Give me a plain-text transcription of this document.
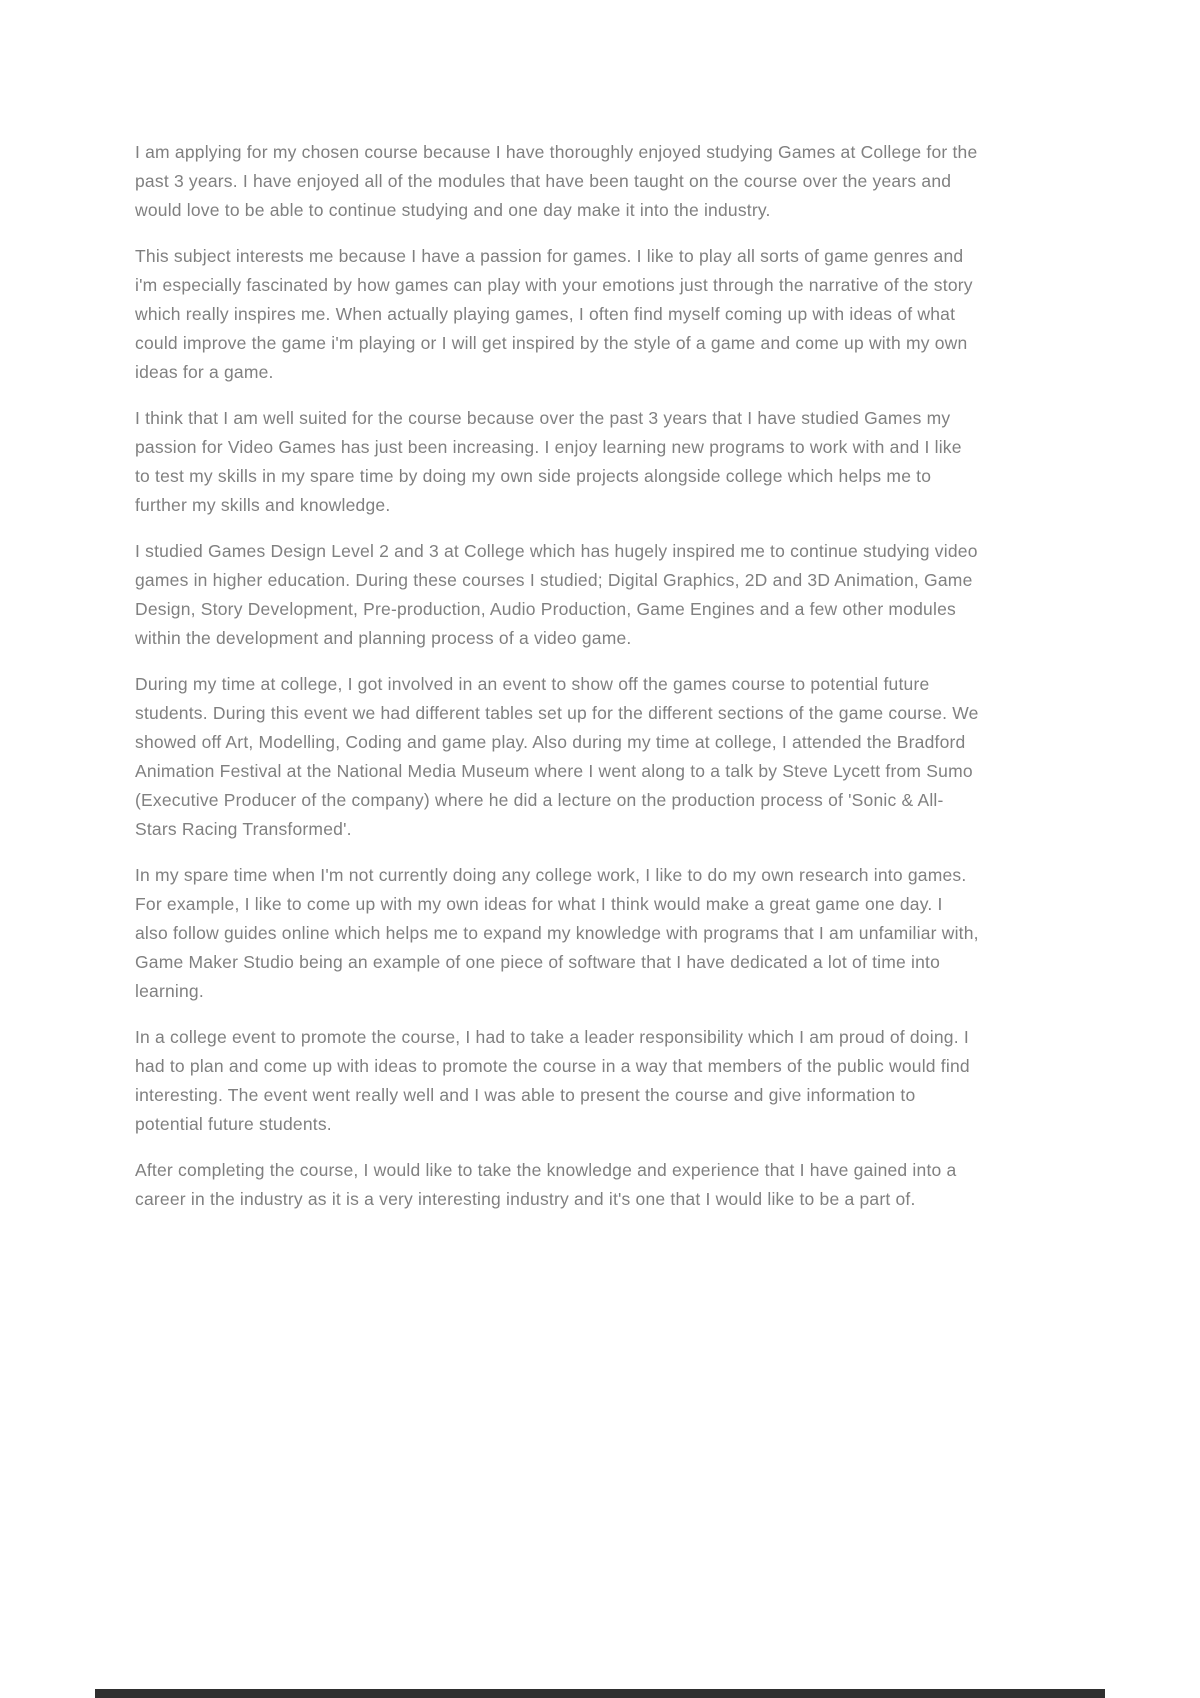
I am applying for my chosen course because I have thoroughly enjoyed studying Games at College for the past 3 years. I have enjoyed all of the modules that have been taught on the course over the years and would love to be able to continue studying and one day make it into the industry.

This subject interests me because I have a passion for games. I like to play all sorts of game genres and i'm especially fascinated by how games can play with your emotions just through the narrative of the story which really inspires me. When actually playing games, I often find myself coming up with ideas of what could improve the game i'm playing or I will get inspired by the style of a game and come up with my own ideas for a game.

I think that I am well suited for the course because over the past 3 years that I have studied Games my passion for Video Games has just been increasing. I enjoy learning new programs to work with and I like to test my skills in my spare time by doing my own side projects alongside college which helps me to further my skills and knowledge.

I studied Games Design Level 2 and 3 at College which has hugely inspired me to continue studying video games in higher education. During these courses I studied; Digital Graphics, 2D and 3D Animation, Game Design, Story Development, Pre-production, Audio Production, Game Engines and a few other modules within the development and planning process of a video game.

During my time at college, I got involved in an event to show off the games course to potential future students. During this event we had different tables set up for the different sections of the game course. We showed off Art, Modelling, Coding and game play. Also during my time at college, I attended the Bradford Animation Festival at the National Media Museum where I went along to a talk by Steve Lycett from Sumo (Executive Producer of the company) where he did a lecture on the production process of 'Sonic & All-Stars Racing Transformed'.

In my spare time when I'm not currently doing any college work, I like to do my own research into games. For example, I like to come up with my own ideas for what I think would make a great game one day. I also follow guides online which helps me to expand my knowledge with programs that I am unfamiliar with, Game Maker Studio being an example of one piece of software that I have dedicated a lot of time into learning.

In a college event to promote the course, I had to take a leader responsibility which I am proud of doing. I had to plan and come up with ideas to promote the course in a way that members of the public would find interesting. The event went really well and I was able to present the course and give information to potential future students.

After completing the course, I would like to take the knowledge and experience that I have gained into a career in the industry as it is a very interesting industry and it's one that I would like to be a part of.
